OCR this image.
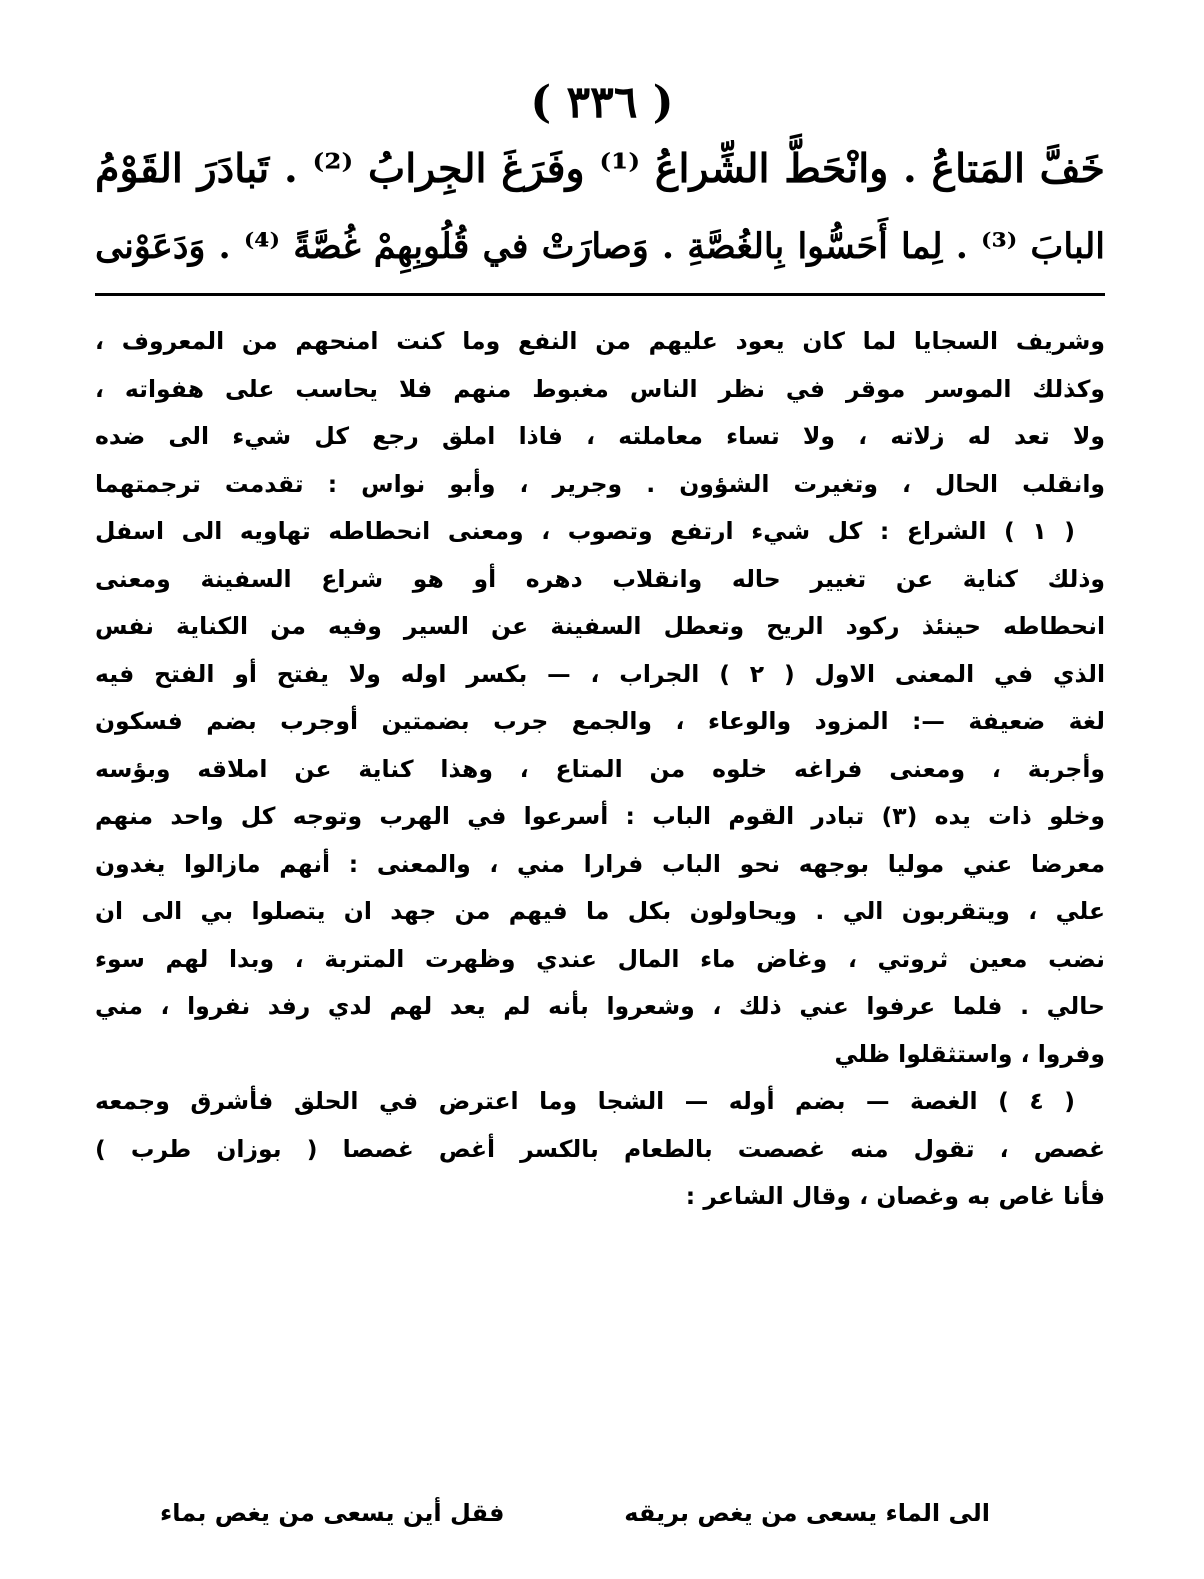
( ٣٣٦ )
خَفَّ المَتاعُ . وانْحَطَّ الشِّراعُ ⁽¹⁾ وفَرَغَ الجِرابُ ⁽²⁾ . تَبادَرَ القَوْمُ
البابَ ⁽³⁾ . لِما أَحَسُّوا بِالغُصَّةِ . وَصارَتْ في قُلُوبِهِمْ غُصَّةً ⁽⁴⁾ . وَدَعَوْنى
وشريف السجايا لما كان يعود عليهم من النفع وما كنت امنحهم من المعروف ،
وكذلك الموسر موقر في نظر الناس مغبوط منهم فلا يحاسب على هفواته ،
ولا تعد له زلاته ، ولا تساء معاملته ، فاذا املق رجع كل شيء الى ضده
وانقلب الحال ، وتغيرت الشؤون . وجرير ، وأبو نواس : تقدمت ترجمتهما
( ١ ) الشراع : كل شيء ارتفع وتصوب ، ومعنى انحطاطه تهاويه الى اسفل
وذلك كناية عن تغيير حاله وانقلاب دهره أو هو شراع السفينة ومعنى
انحطاطه حينئذ ركود الريح وتعطل السفينة عن السير وفيه من الكناية نفس
الذي في المعنى الاول ( ٢ ) الجراب ، — بكسر اوله ولا يفتح أو الفتح فيه
لغة ضعيفة —: المزود والوعاء ، والجمع جرب بضمتين أوجرب بضم فسكون
وأجربة ، ومعنى فراغه خلوه من المتاع ، وهذا كناية عن املاقه وبؤسه
وخلو ذات يده (٣) تبادر القوم الباب : أسرعوا في الهرب وتوجه كل واحد منهم
معرضا عني موليا بوجهه نحو الباب فرارا مني ، والمعنى : أنهم مازالوا يغدون
علي ، ويتقربون الي . ويحاولون بكل ما فيهم من جهد ان يتصلوا بي الى ان
نضب معين ثروتي ، وغاض ماء المال عندي وظهرت المتربة ، وبدا لهم سوء
حالي . فلما عرفوا عني ذلك ، وشعروا بأنه لم يعد لهم لدي رفد نفروا ، مني
وفروا ، واستثقلوا ظلي
( ٤ ) الغصة — بضم أوله — الشجا وما اعترض في الحلق فأشرق وجمعه
غصص ، تقول منه غصصت بالطعام بالكسر أغص غصصا ( بوزان طرب )
فأنا غاص به وغصان ، وقال الشاعر :
الى الماء يسعى من يغص بريقه
فقل أين يسعى من يغص بماء
